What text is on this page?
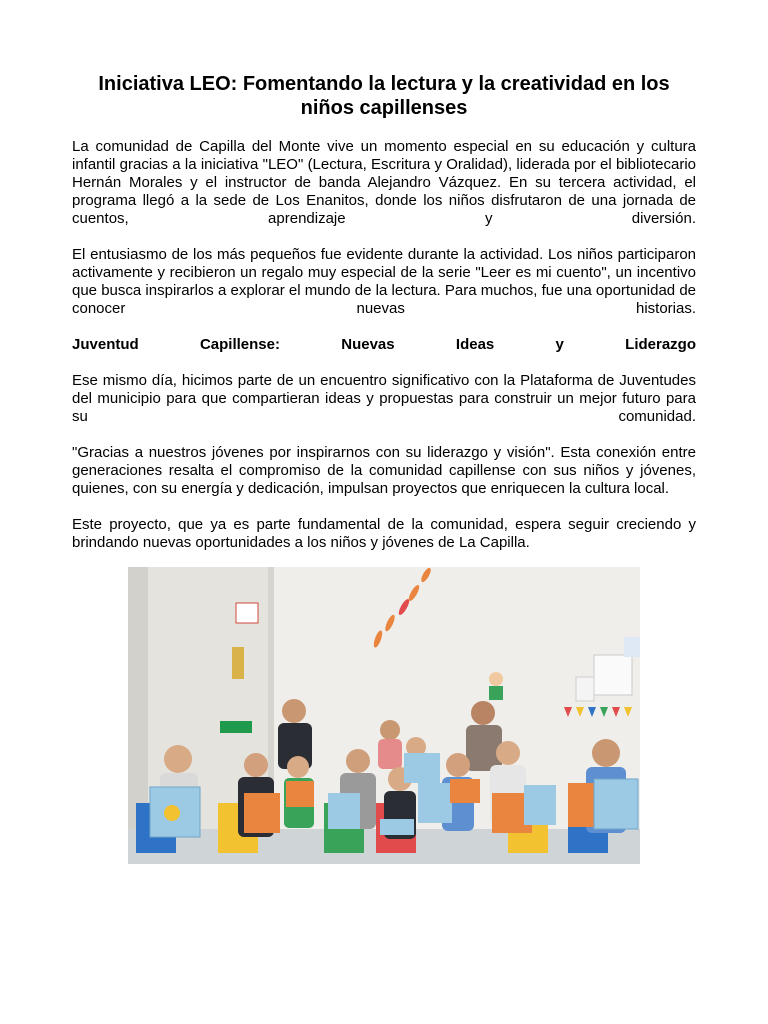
Iniciativa LEO: Fomentando la lectura y la creatividad en los niños capillenses

La comunidad de Capilla del Monte vive un momento especial en su educación y cultura infantil gracias a la iniciativa "LEO" (Lectura, Escritura y Oralidad), liderada por el bibliotecario Hernán Morales y el instructor de banda Alejandro Vázquez. En su tercera actividad, el programa llegó a la sede de Los Enanitos, donde los niños disfrutaron de una jornada de cuentos, aprendizaje y diversión.

El entusiasmo de los más pequeños fue evidente durante la actividad. Los niños participaron activamente y recibieron un regalo muy especial de la serie "Leer es mi cuento", un incentivo que busca inspirarlos a explorar el mundo de la lectura. Para muchos, fue una oportunidad de conocer nuevas historias.

Juventud Capillense: Nuevas Ideas y Liderazgo

Ese mismo día, hicimos parte de un encuentro significativo con la Plataforma de Juventudes del municipio para que compartieran ideas y propuestas para construir un mejor futuro para su comunidad.

"Gracias a nuestros jóvenes por inspirarnos con su liderazgo y visión". Esta conexión entre generaciones resalta el compromiso de la comunidad capillense con sus niños y jóvenes, quienes, con su energía y dedicación, impulsan proyectos que enriquecen la cultura local.

Este proyecto, que ya es parte fundamental de la comunidad, espera seguir creciendo y brindando nuevas oportunidades a los niños y jóvenes de La Capilla.
